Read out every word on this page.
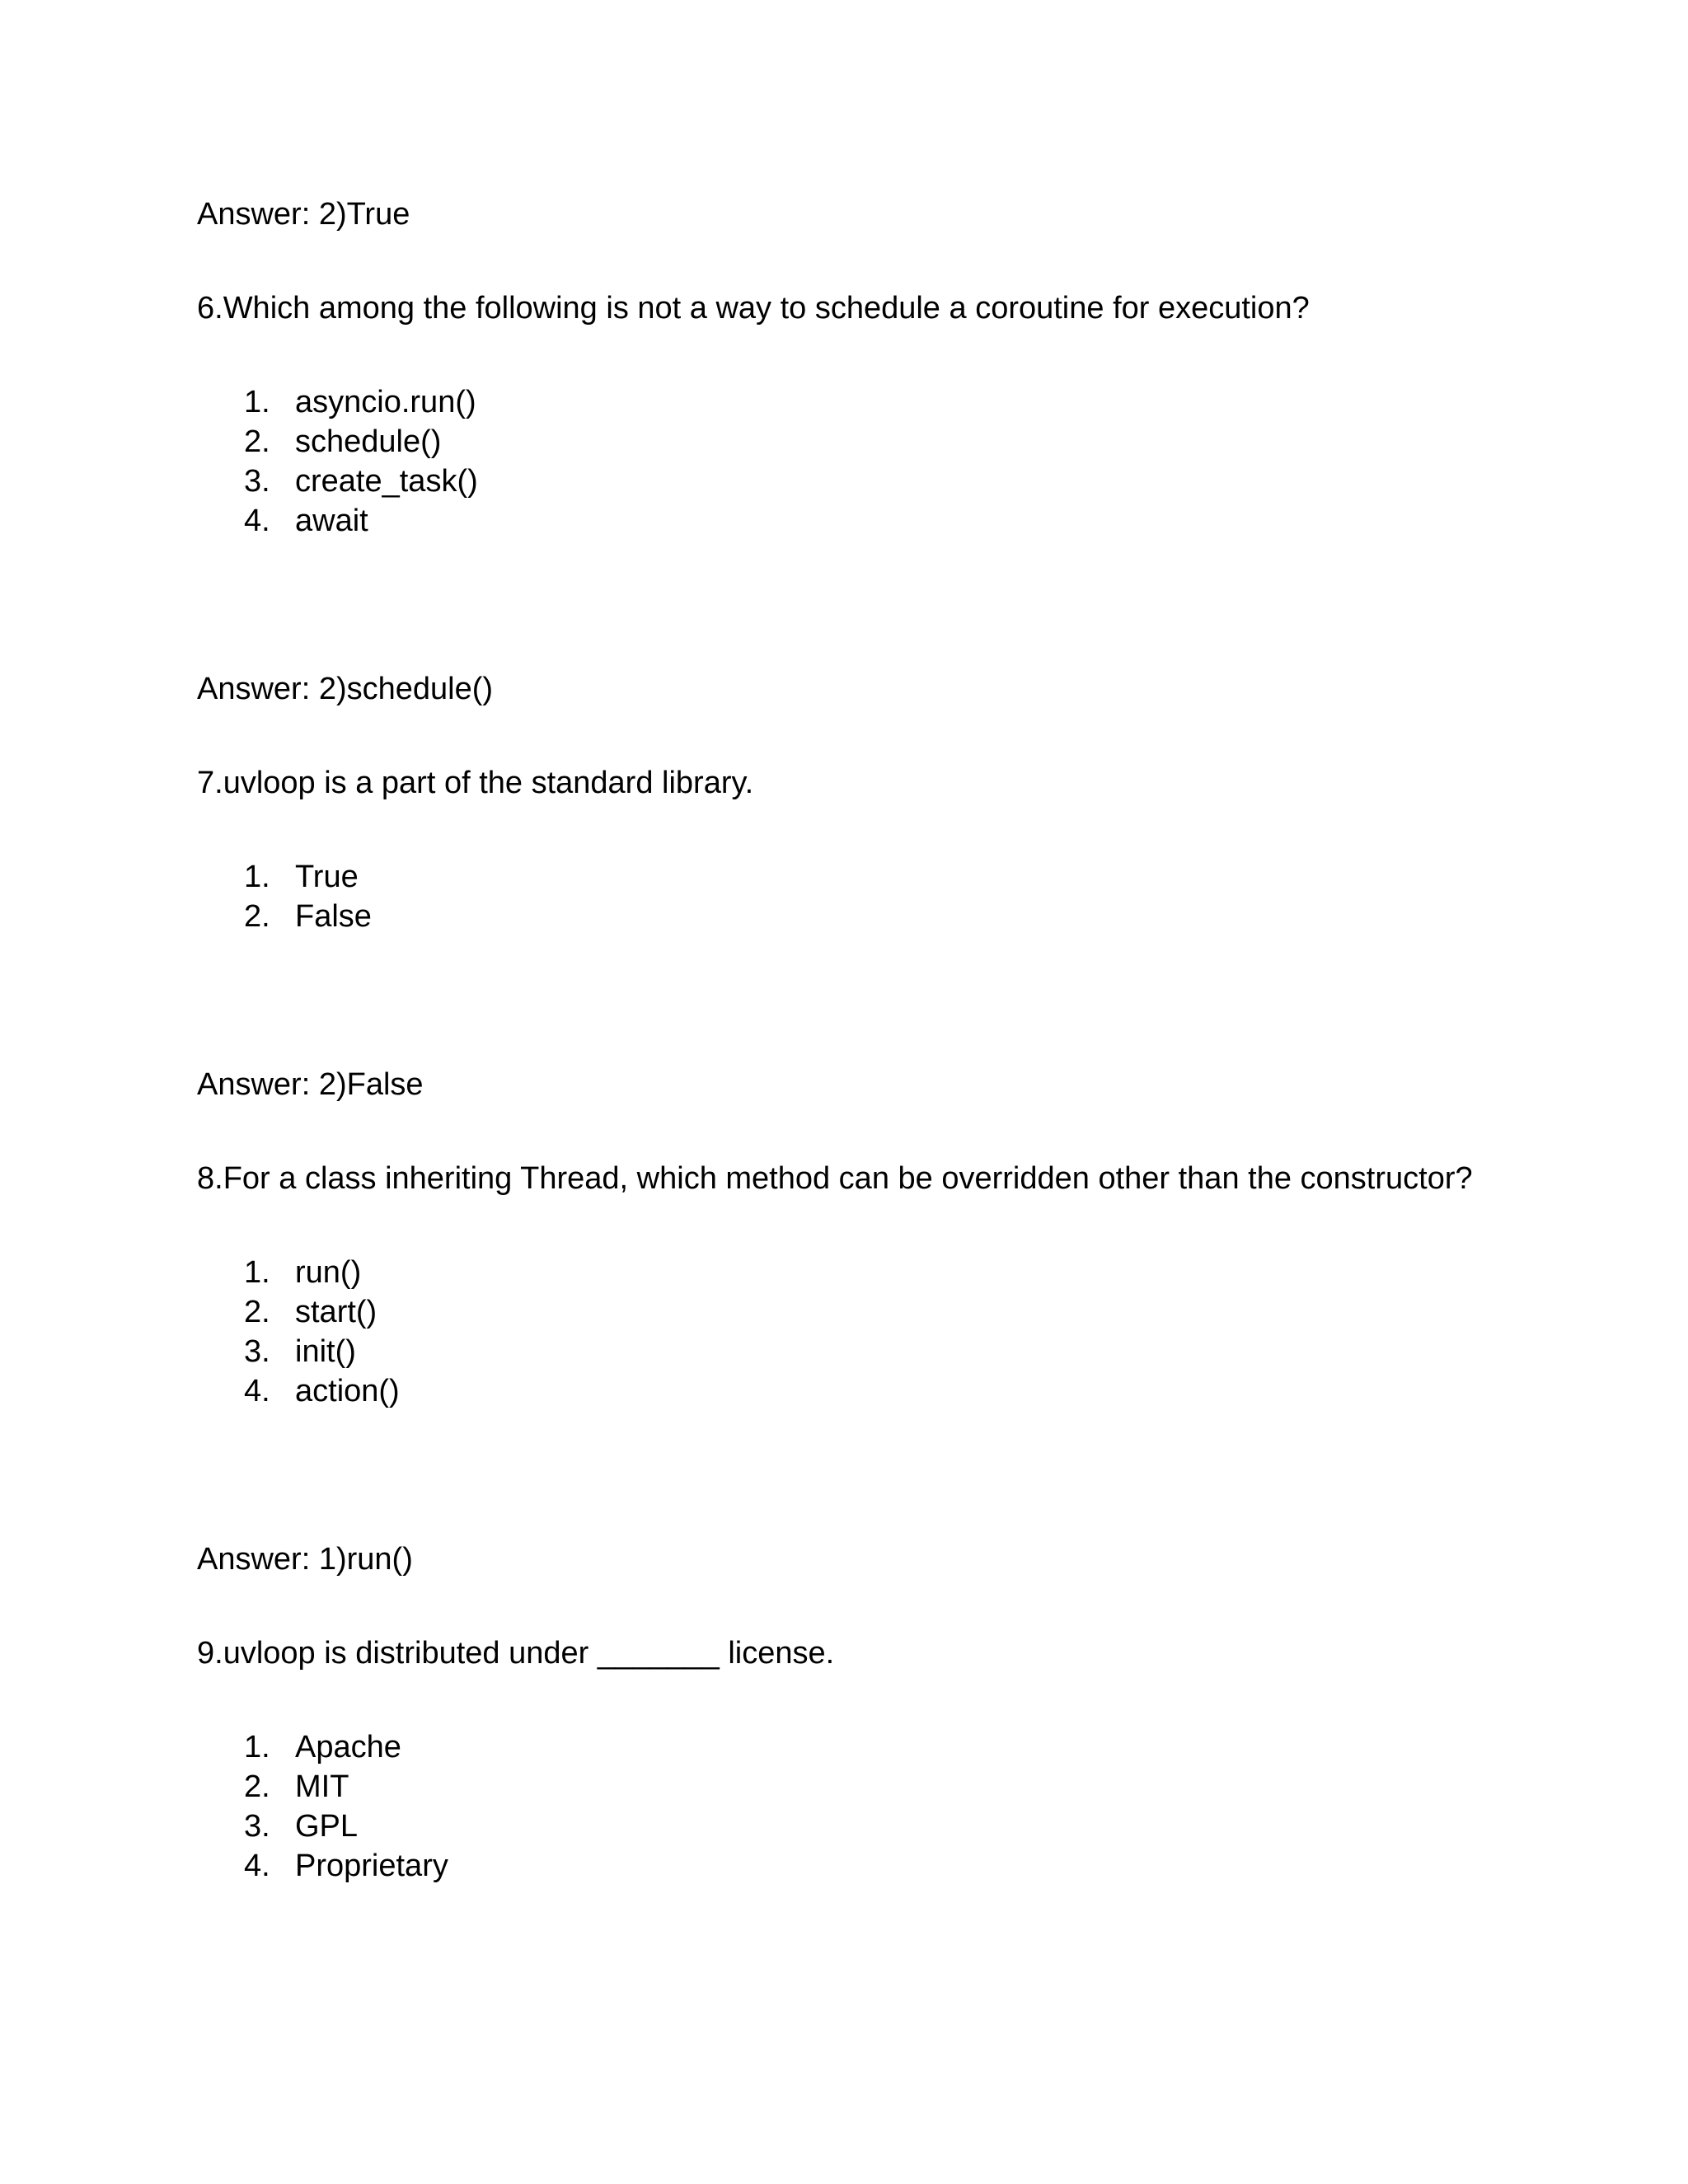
Answer: 2)True
6.Which among the following is not a way to schedule a coroutine for execution?
1. asyncio.run()
2. schedule()
3. create_task()
4. await
Answer: 2)schedule()
7.uvloop is a part of the standard library.
1. True
2. False
Answer: 2)False
8.For a class inheriting Thread, which method can be overridden other than the constructor?
1. run()
2. start()
3. init()
4. action()
Answer: 1)run()
9.uvloop is distributed under _______ license.
1. Apache
2. MIT
3. GPL
4. Proprietary
